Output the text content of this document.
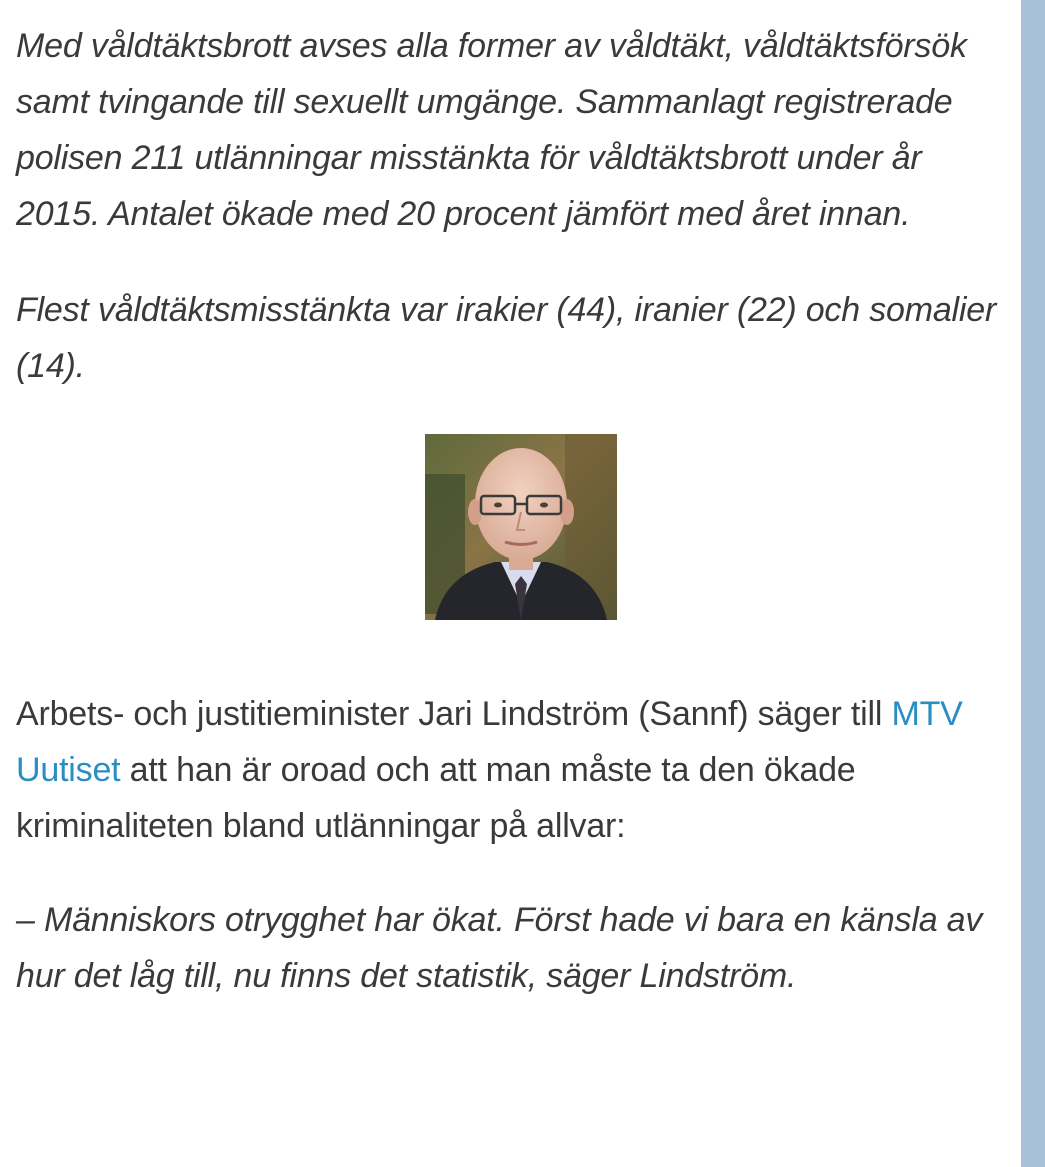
Med våldtäktsbrott avses alla former av våldtäkt, våldtäktsförsök samt tvingande till sexuellt umgänge. Sammanlagt registrerade polisen 211 utlänningar misstänkta för våldtäktsbrott under år 2015. Antalet ökade med 20 procent jämfört med året innan.

Flest våldtäktsmisstänkta var irakier (44), iranier (22) och somalier (14).

Arbets- och justitieminister Jari Lindström (Sannf) säger till MTV Uutiset att han är oroad och att man måste ta den ökade kriminaliteten bland utlänningar på allvar:

– Människors otrygghet har ökat. Först hade vi bara en känsla av hur det låg till, nu finns det statistik, säger Lindström.
